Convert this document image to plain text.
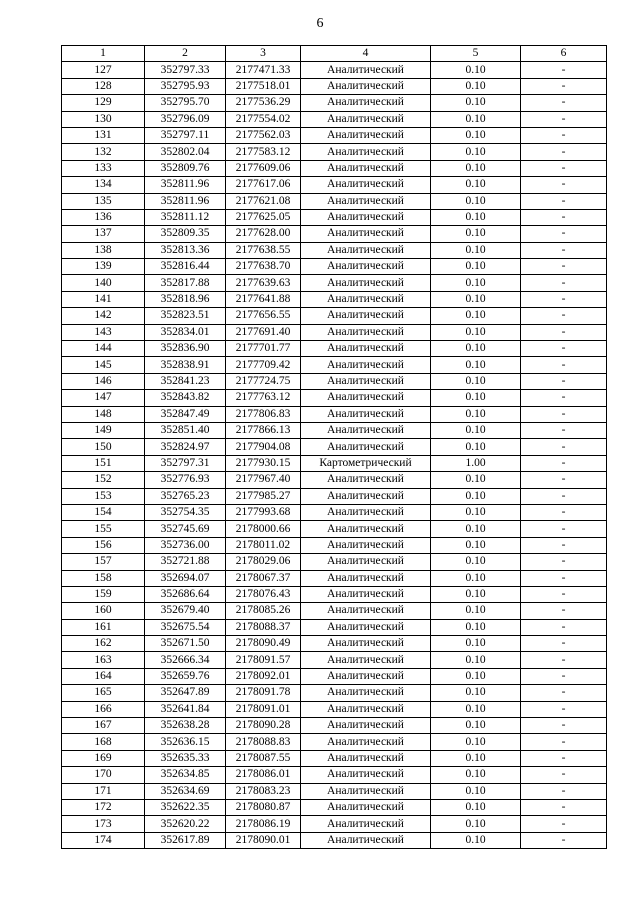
6
1	2	3	4	5	6
127	352797.33	2177471.33	Аналитический	0.10	-
128	352795.93	2177518.01	Аналитический	0.10	-
129	352795.70	2177536.29	Аналитический	0.10	-
130	352796.09	2177554.02	Аналитический	0.10	-
131	352797.11	2177562.03	Аналитический	0.10	-
132	352802.04	2177583.12	Аналитический	0.10	-
133	352809.76	2177609.06	Аналитический	0.10	-
134	352811.96	2177617.06	Аналитический	0.10	-
135	352811.96	2177621.08	Аналитический	0.10	-
136	352811.12	2177625.05	Аналитический	0.10	-
137	352809.35	2177628.00	Аналитический	0.10	-
138	352813.36	2177638.55	Аналитический	0.10	-
139	352816.44	2177638.70	Аналитический	0.10	-
140	352817.88	2177639.63	Аналитический	0.10	-
141	352818.96	2177641.88	Аналитический	0.10	-
142	352823.51	2177656.55	Аналитический	0.10	-
143	352834.01	2177691.40	Аналитический	0.10	-
144	352836.90	2177701.77	Аналитический	0.10	-
145	352838.91	2177709.42	Аналитический	0.10	-
146	352841.23	2177724.75	Аналитический	0.10	-
147	352843.82	2177763.12	Аналитический	0.10	-
148	352847.49	2177806.83	Аналитический	0.10	-
149	352851.40	2177866.13	Аналитический	0.10	-
150	352824.97	2177904.08	Аналитический	0.10	-
151	352797.31	2177930.15	Картометрический	1.00	-
152	352776.93	2177967.40	Аналитический	0.10	-
153	352765.23	2177985.27	Аналитический	0.10	-
154	352754.35	2177993.68	Аналитический	0.10	-
155	352745.69	2178000.66	Аналитический	0.10	-
156	352736.00	2178011.02	Аналитический	0.10	-
157	352721.88	2178029.06	Аналитический	0.10	-
158	352694.07	2178067.37	Аналитический	0.10	-
159	352686.64	2178076.43	Аналитический	0.10	-
160	352679.40	2178085.26	Аналитический	0.10	-
161	352675.54	2178088.37	Аналитический	0.10	-
162	352671.50	2178090.49	Аналитический	0.10	-
163	352666.34	2178091.57	Аналитический	0.10	-
164	352659.76	2178092.01	Аналитический	0.10	-
165	352647.89	2178091.78	Аналитический	0.10	-
166	352641.84	2178091.01	Аналитический	0.10	-
167	352638.28	2178090.28	Аналитический	0.10	-
168	352636.15	2178088.83	Аналитический	0.10	-
169	352635.33	2178087.55	Аналитический	0.10	-
170	352634.85	2178086.01	Аналитический	0.10	-
171	352634.69	2178083.23	Аналитический	0.10	-
172	352622.35	2178080.87	Аналитический	0.10	-
173	352620.22	2178086.19	Аналитический	0.10	-
174	352617.89	2178090.01	Аналитический	0.10	-
